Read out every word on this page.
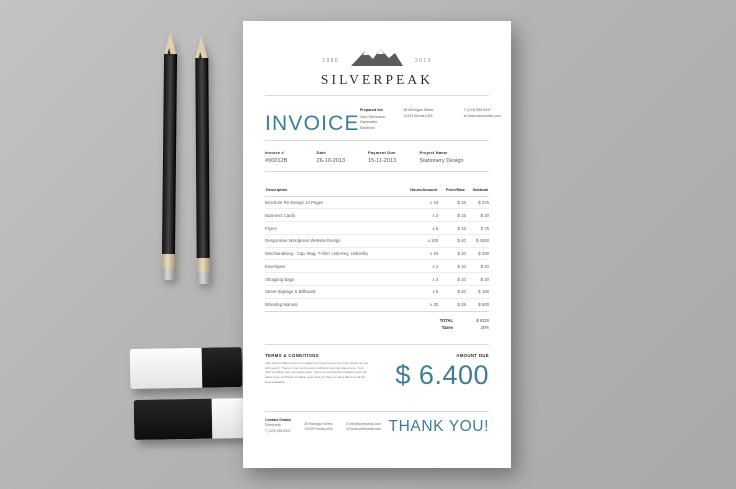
1986	2013
SILVERPEAK
INVOICE
Prepared for:
John Stevenson
Carbonetix Solutions
28 Michigan Street,
13123 Illinois,USA
T (123) 555 8347
W www.carbonetix.com
Invoice #
#00012B
Date
26-10-2013
Payment Due
15-11-2013
Project Name
Stationery Design
Description	Hours/Amount	Price/Rate	Subtotal
Brochure Re-Design 24 Pages	x 15	$ 25	$ 375
Business Cards	x 2	$ 15	$ 30
Flyers	x 5	$ 15	$ 75
Responsive Wordpress Website Design	x 100	$ 40	$ 4000
Merchandising - Cap, Mug, T-shirt, Usb-Key, Umbrella	x 10	$ 20	$ 200
Envelopes	x 2	$ 10	$ 20
Shopping Bags	x 3	$ 10	$ 30
Street Signage & Billboard	x 5	$ 20	$ 100
Branding Manual	x 20	$ 25	$ 500
TOTAL	$ 5330
Taxes	20%
TERMS & CONDITIONS
Your first conditions item can place here and occupy as much space as you will need it. There is your terms and conditions text can place here. Your third condition item can place here. There is your fourth conditions text can place here. And final condition goes here so that you have filled up all the lines available.
AMOUNT DUE
$ 6.400
Contact Details
Silverpeak
T (123) 555 8347
28 Michigan Street,
13209 Florida,USA
E info@silverpeak.com
W www.silverpeak.com THANK YOU!
